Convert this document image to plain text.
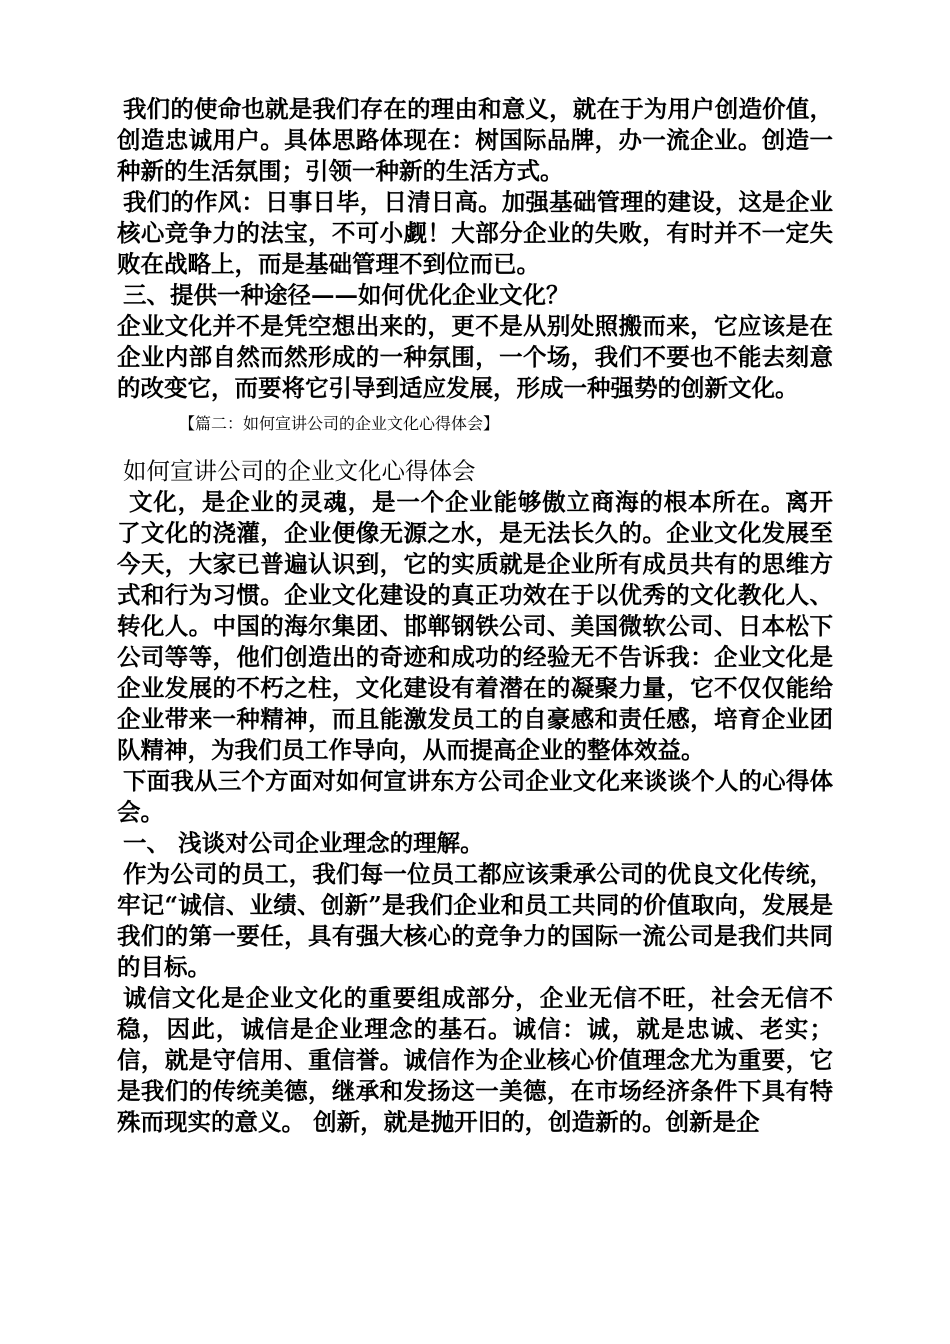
我们的使命也就是我们存在的理由和意义，就在于为用户创造价值，创造忠诚用户。具体思路体现在：树国际品牌，办一流企业。创造一种新的生活氛围；引领一种新的生活方式。

我们的作风：日事日毕，日清日高。加强基础管理的建设，这是企业核心竞争力的法宝，不可小觑！大部分企业的失败，有时并不一定失败在战略上，而是基础管理不到位而已。

三、提供一种途径——如何优化企业文化？

企业文化并不是凭空想出来的，更不是从别处照搬而来，它应该是在企业内部自然而然形成的一种氛围，一个场，我们不要也不能去刻意的改变它，而要将它引导到适应发展，形成一种强势的创新文化。

【篇二：如何宣讲公司的企业文化心得体会】
如何宣讲公司的企业文化心得体会

文化，是企业的灵魂，是一个企业能够傲立商海的根本所在。离开了文化的浇灌，企业便像无源之水，是无法长久的。企业文化发展至今天，大家已普遍认识到，它的实质就是企业所有成员共有的思维方式和行为习惯。企业文化建设的真正功效在于以优秀的文化教化人、转化人。中国的海尔集团、邯郸钢铁公司、美国微软公司、日本松下公司等等，他们创造出的奇迹和成功的经验无不告诉我：企业文化是企业发展的不朽之柱，文化建设有着潜在的凝聚力量，它不仅仅能给企业带来一种精神，而且能激发员工的自豪感和责任感，培育企业团队精神，为我们员工作导向，从而提高企业的整体效益。

下面我从三个方面对如何宣讲东方公司企业文化来谈谈个人的心得体会。

一、 浅谈对公司企业理念的理解。

作为公司的员工，我们每一位员工都应该秉承公司的优良文化传统，牢记“诚信、业绩、创新”是我们企业和员工共同的价值取向，发展是我们的第一要任，具有强大核心的竞争力的国际一流公司是我们共同的目标。

诚信文化是企业文化的重要组成部分，企业无信不旺，社会无信不稳，因此，诚信是企业理念的基石。诚信：诚，就是忠诚、老实；信，就是守信用、重信誉。诚信作为企业核心价值理念尤为重要，它是我们的传统美德，继承和发扬这一美德，在市场经济条件下具有特殊而现实的意义。 创新，就是抛开旧的，创造新的。创新是企
